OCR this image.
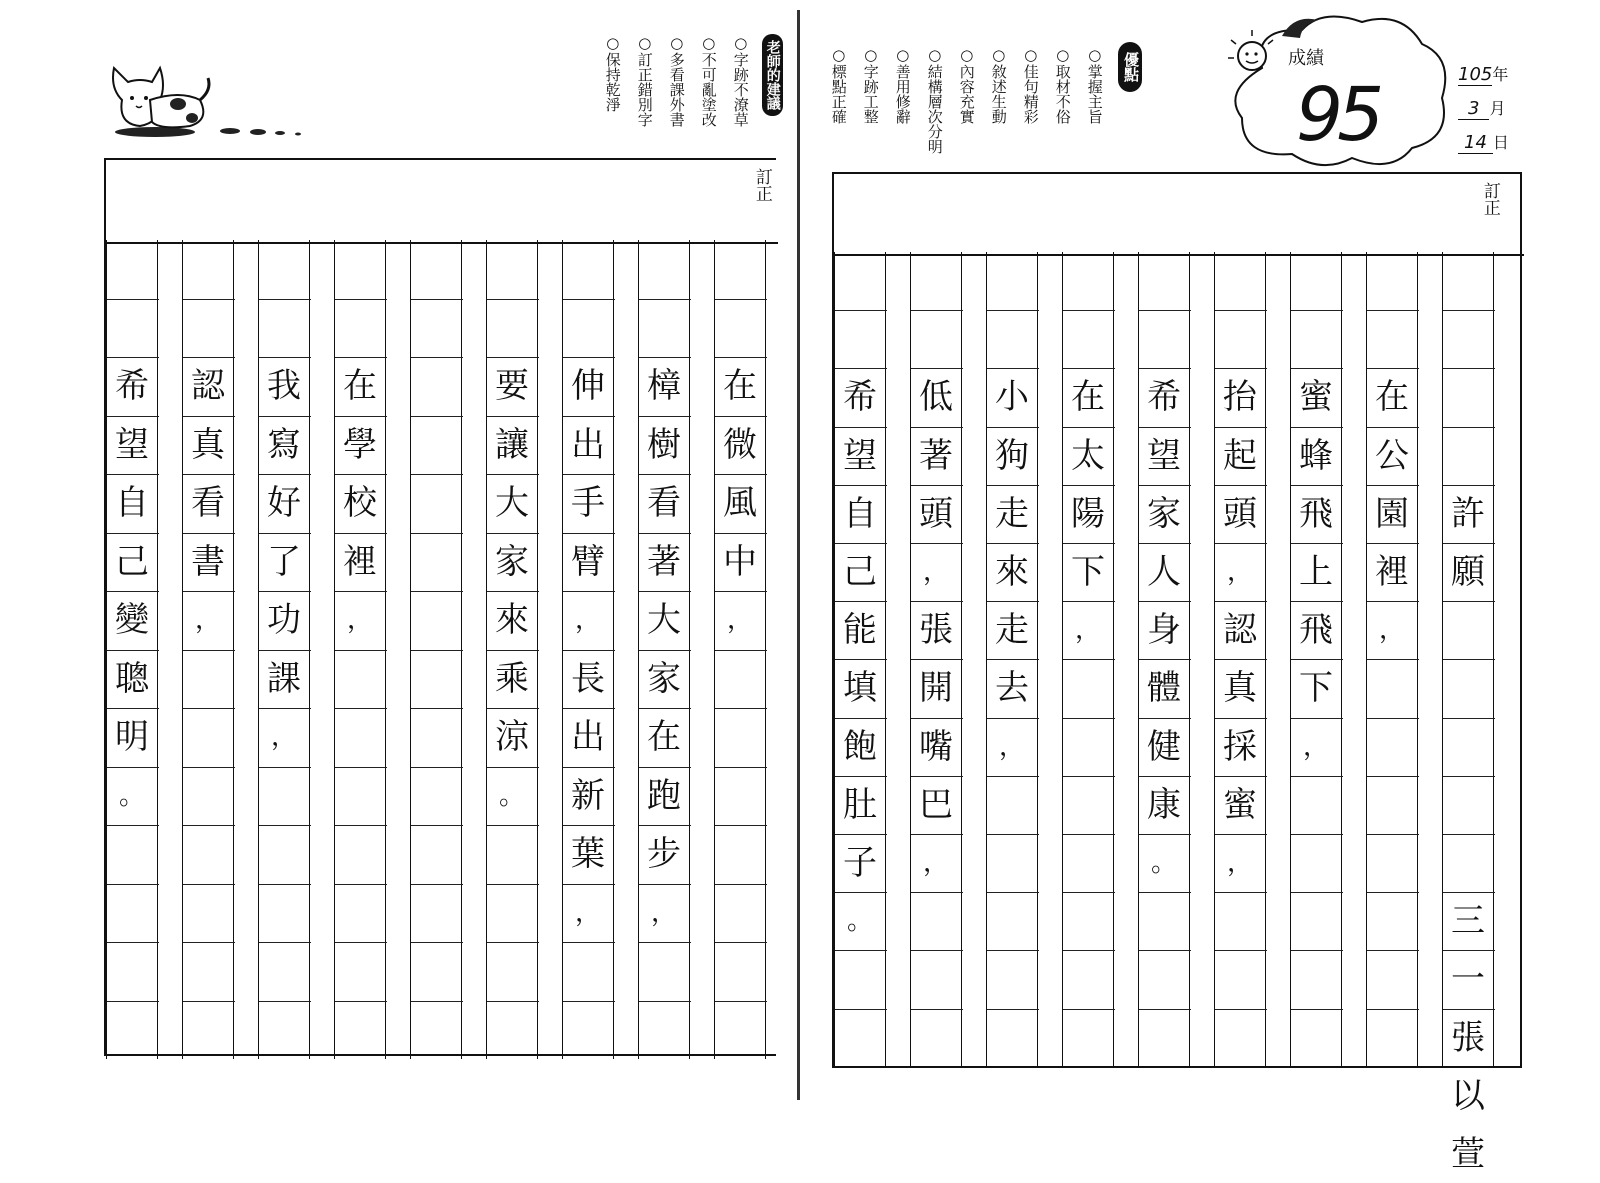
老師的建議
○字跡不潦草
○不可亂塗改
○多看課外書
○訂正錯別字
○保持乾淨
訂正
在
微
風
中
，
樟
樹
看
著
大
家
在
跑
步
，
伸
出
手
臂
，
長
出
新
葉
，
要
讓
大
家
來
乘
涼
。
在
學
校
裡
，
我
寫
好
了
功
課
，
認
真
看
書
，
希
望
自
己
變
聰
明
。
成績
95	105年
3 月
14 日
優點
○掌握主旨
○取材不俗
○佳句精彩
○敘述生動
○內容充實
○結構層次分明
○善用修辭
○字跡工整
○標點正確
訂正
許
願
三
一
張
以
萱
在
公
園
裡
，
蜜
蜂
飛
上
飛
下
，
抬
起
頭
，
認
真
採
蜜
，
希
望
家
人
身
體
健
康
。
在
太
陽
下
，
小
狗
走
來
走
去
，
低
著
頭
，
張
開
嘴
巴
，
希
望
自
己
能
填
飽
肚
子
。
